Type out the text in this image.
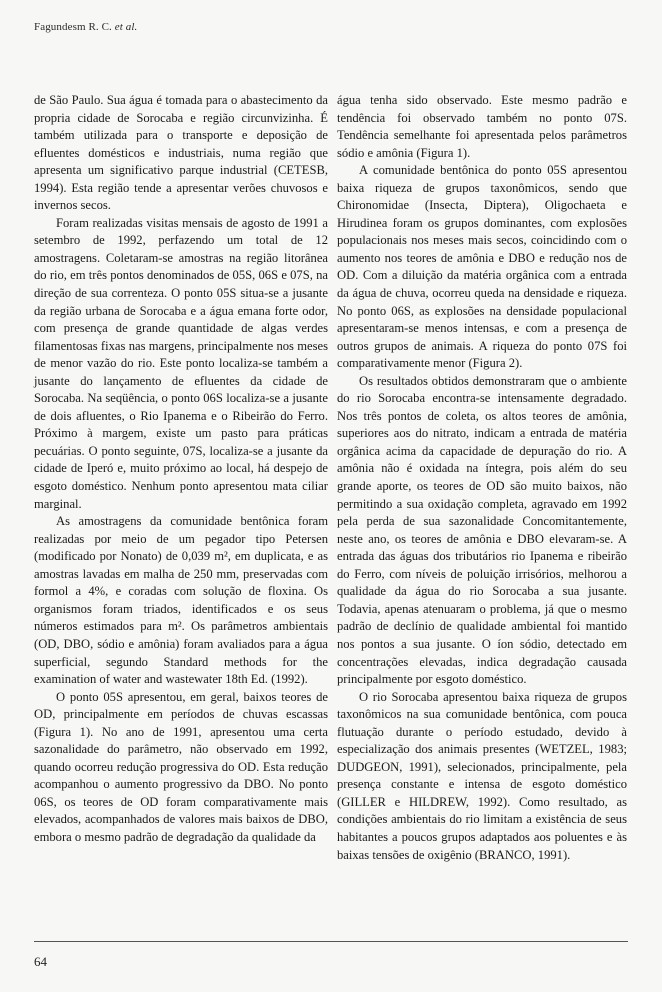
Fagundesm R. C. et al.

de São Paulo. Sua água é tomada para o abastecimento da propria cidade de Sorocaba e região circunvizinha. É também utilizada para o transporte e deposição de efluentes domésticos e industriais, numa região que apresenta um significativo parque industrial (CETESB, 1994). Esta região tende a apresentar verões chuvosos e invernos secos.

Foram realizadas visitas mensais de agosto de 1991 a setembro de 1992, perfazendo um total de 12 amostragens. Coletaram-se amostras na região litorânea do rio, em três pontos denominados de 05S, 06S e 07S, na direção de sua correnteza. O ponto 05S situa-se a jusante da região urbana de Sorocaba e a água emana forte odor, com presença de grande quantidade de algas verdes filamentosas fixas nas margens, principalmente nos meses de menor vazão do rio. Este ponto localiza-se também a jusante do lançamento de efluentes da cidade de Sorocaba. Na seqüência, o ponto 06S localiza-se a jusante de dois afluentes, o Rio Ipanema e o Ribeirão do Ferro. Próximo à margem, existe um pasto para práticas pecuárias. O ponto seguinte, 07S, localiza-se a jusante da cidade de Iperó e, muito próximo ao local, há despejo de esgoto doméstico. Nenhum ponto apresentou mata ciliar marginal.

As amostragens da comunidade bentônica foram realizadas por meio de um pegador tipo Petersen (modificado por Nonato) de 0,039 m², em duplicata, e as amostras lavadas em malha de 250 mm, preservadas com formol a 4%, e coradas com solução de floxina. Os organismos foram triados, identificados e os seus números estimados para m². Os parâmetros ambientais (OD, DBO, sódio e amônia) foram avaliados para a água superficial, segundo Standard methods for the examination of water and wastewater 18th Ed. (1992).

O ponto 05S apresentou, em geral, baixos teores de OD, principalmente em períodos de chuvas escassas (Figura 1). No ano de 1991, apresentou uma certa sazonalidade do parâmetro, não observado em 1992, quando ocorreu redução progressiva do OD. Esta redução acompanhou o aumento progressivo da DBO. No ponto 06S, os teores de OD foram comparativamente mais elevados, acompanhados de valores mais baixos de DBO, embora o mesmo padrão de degradação da qualidade da

água tenha sido observado. Este mesmo padrão e tendência foi observado também no ponto 07S. Tendência semelhante foi apresentada pelos parâmetros sódio e amônia (Figura 1).

A comunidade bentônica do ponto 05S apresentou baixa riqueza de grupos taxonômicos, sendo que Chironomidae (Insecta, Diptera), Oligochaeta e Hirudinea foram os grupos dominantes, com explosões populacionais nos meses mais secos, coincidindo com o aumento nos teores de amônia e DBO e redução nos de OD. Com a diluição da matéria orgânica com a entrada da água de chuva, ocorreu queda na densidade e riqueza. No ponto 06S, as explosões na densidade populacional apresentaram-se menos intensas, e com a presença de outros grupos de animais. A riqueza do ponto 07S foi comparativamente menor (Figura 2).

Os resultados obtidos demonstraram que o ambiente do rio Sorocaba encontra-se intensamente degradado. Nos três pontos de coleta, os altos teores de amônia, superiores aos do nitrato, indicam a entrada de matéria orgânica acima da capacidade de depuração do rio. A amônia não é oxidada na íntegra, pois além do seu grande aporte, os teores de OD são muito baixos, não permitindo a sua oxidação completa, agravado em 1992 pela perda de sua sazonalidade Concomitantemente, neste ano, os teores de amônia e DBO elevaram-se. A entrada das águas dos tributários rio Ipanema e ribeirão do Ferro, com níveis de poluição irrisórios, melhorou a qualidade da água do rio Sorocaba a sua jusante. Todavia, apenas atenuaram o problema, já que o mesmo padrão de declínio de qualidade ambiental foi mantido nos pontos a sua jusante. O íon sódio, detectado em concentrações elevadas, indica degradação causada principalmente por esgoto doméstico.

O rio Sorocaba apresentou baixa riqueza de grupos taxonômicos na sua comunidade bentônica, com pouca flutuação durante o período estudado, devido à especialização dos animais presentes (WETZEL, 1983; DUDGEON, 1991), selecionados, principalmente, pela presença constante e intensa de esgoto doméstico (GILLER e HILDREW, 1992). Como resultado, as condições ambientais do rio limitam a existência de seus habitantes a poucos grupos adaptados aos poluentes e às baixas tensões de oxigênio (BRANCO, 1991).

64
